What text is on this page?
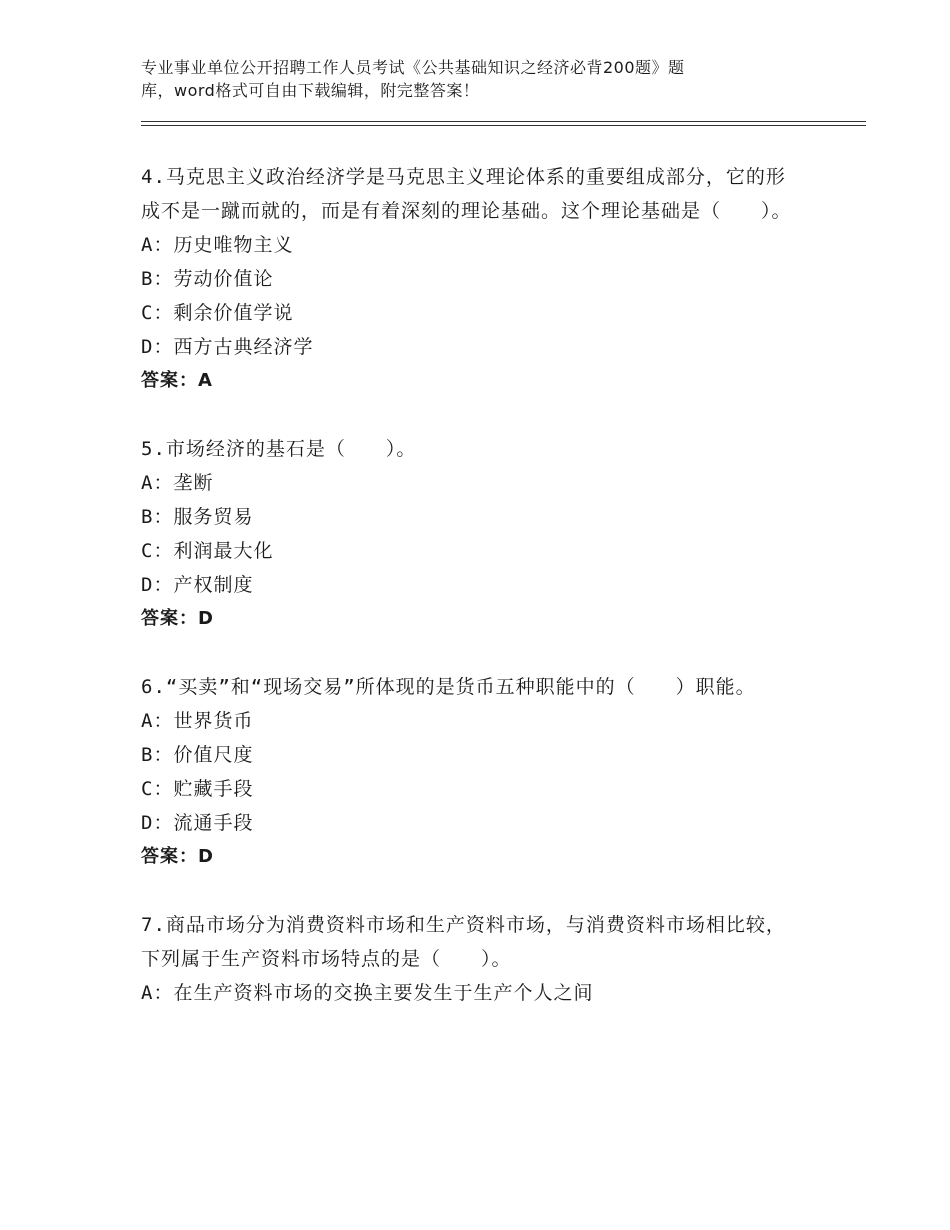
专业事业单位公开招聘工作人员考试《公共基础知识之经济必背200题》题
库，word格式可自由下载编辑，附完整答案！
4.马克思主义政治经济学是马克思主义理论体系的重要组成部分，它的形成不是一蹴而就的，而是有着深刻的理论基础。这个理论基础是（　　）。
A：历史唯物主义
B：劳动价值论
C：剩余价值学说
D：西方古典经济学
答案：A
5.市场经济的基石是（　　）。
A：垄断
B：服务贸易
C：利润最大化
D：产权制度
答案：D
6.“买卖”和“现场交易”所体现的是货币五种职能中的（　　）职能。
A：世界货币
B：价值尺度
C：贮藏手段
D：流通手段
答案：D
7.商品市场分为消费资料市场和生产资料市场，与消费资料市场相比较，下列属于生产资料市场特点的是（　　）。
A：在生产资料市场的交换主要发生于生产个人之间
